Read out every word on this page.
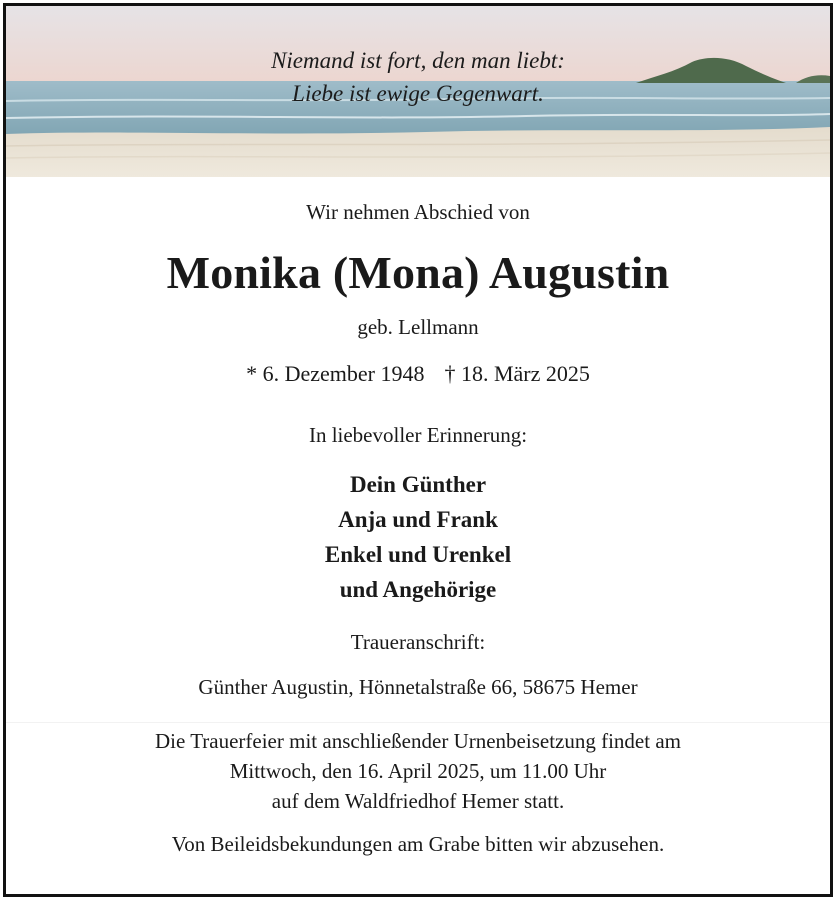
Niemand ist fort, den man liebt:
Liebe ist ewige Gegenwart.
Wir nehmen Abschied von
Monika (Mona) Augustin
geb. Lellmann
* 6. Dezember 1948 † 18. März 2025
In liebevoller Erinnerung:
Dein Günther
Anja und Frank
Enkel und Urenkel
und Angehörige
Traueranschrift:
Günther Augustin, Hönnetalstraße 66, 58675 Hemer
Die Trauerfeier mit anschließender Urnenbeisetzung findet am
Mittwoch, den 16. April 2025, um 11.00 Uhr
auf dem Waldfriedhof Hemer statt.
Von Beileidsbekundungen am Grabe bitten wir abzusehen.
